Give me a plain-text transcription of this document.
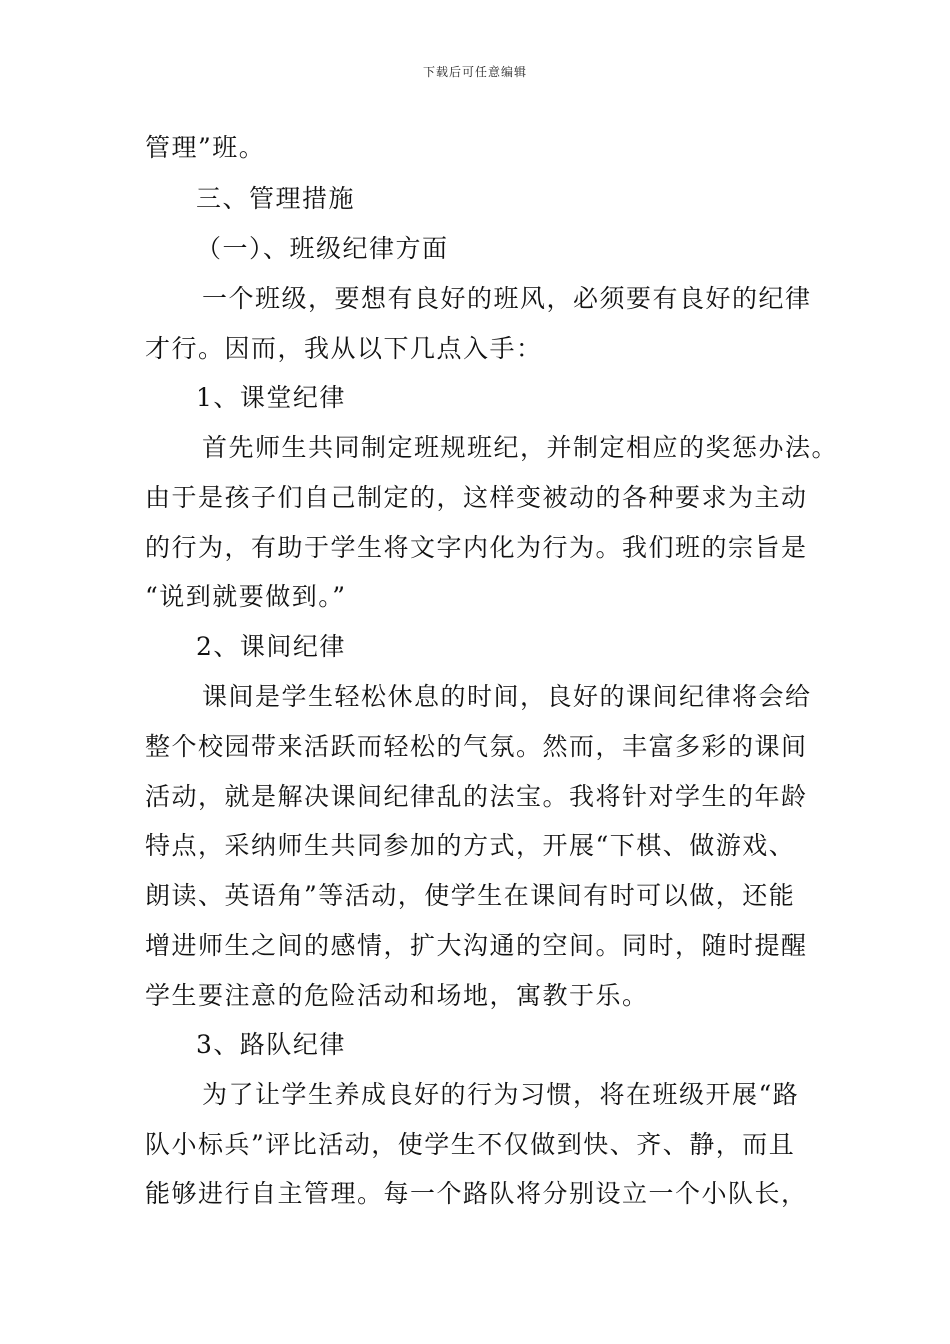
下载后可任意编辑
管理”班。
三、管理措施
（一）、班级纪律方面
一个班级，要想有良好的班风，必须要有良好的纪律
才行。因而，我从以下几点入手：
1、课堂纪律
首先师生共同制定班规班纪，并制定相应的奖惩办法。
由于是孩子们自己制定的，这样变被动的各种要求为主动
的行为，有助于学生将文字内化为行为。我们班的宗旨是
“说到就要做到。”
2、课间纪律
课间是学生轻松休息的时间，良好的课间纪律将会给
整个校园带来活跃而轻松的气氛。然而，丰富多彩的课间
活动，就是解决课间纪律乱的法宝。我将针对学生的年龄
特点，采纳师生共同参加的方式，开展“下棋、做游戏、
朗读、英语角”等活动，使学生在课间有时可以做，还能
增进师生之间的感情，扩大沟通的空间。同时，随时提醒
学生要注意的危险活动和场地，寓教于乐。
3、路队纪律
为了让学生养成良好的行为习惯，将在班级开展“路
队小标兵”评比活动，使学生不仅做到快、齐、静，而且
能够进行自主管理。每一个路队将分别设立一个小队长，
